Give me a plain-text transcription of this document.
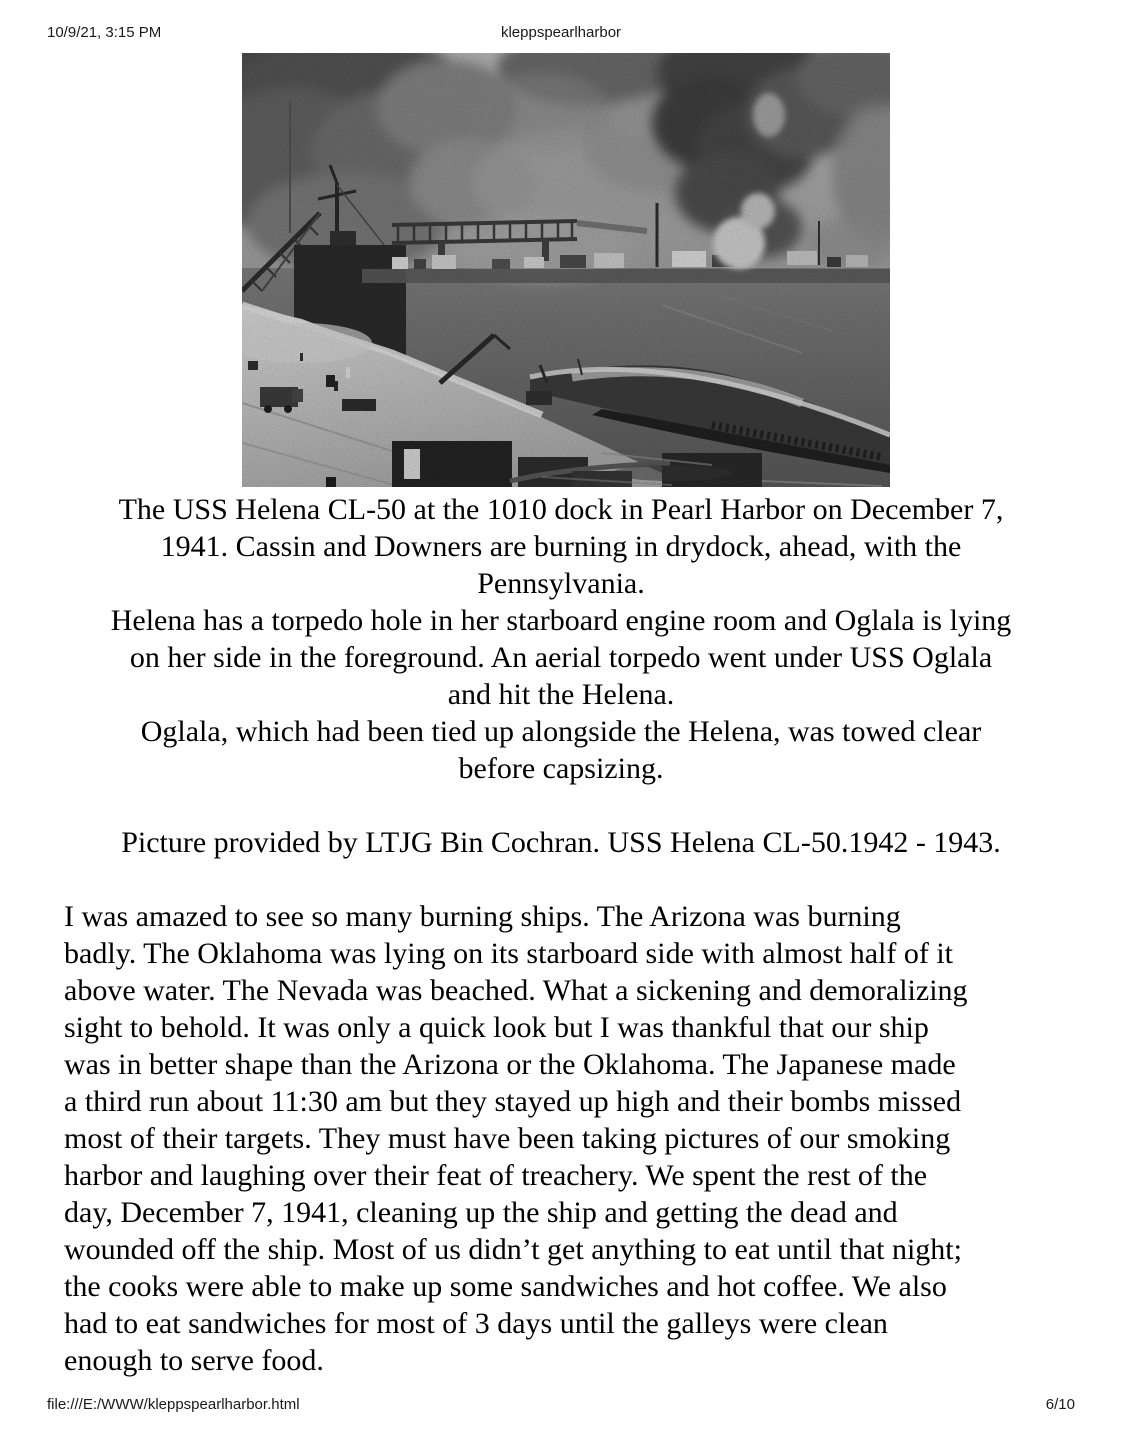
10/9/21, 3:15 PM	kleppspearlharbor
The USS Helena CL-50 at the 1010 dock in Pearl Harbor on December 7,
1941. Cassin and Downers are burning in drydock, ahead, with the
Pennsylvania.
Helena has a torpedo hole in her starboard engine room and Oglala is lying
on her side in the foreground. An aerial torpedo went under USS Oglala
and hit the Helena.
Oglala, which had been tied up alongside the Helena, was towed clear
before capsizing.
Picture provided by LTJG Bin Cochran. USS Helena CL-50.1942 - 1943.
I was amazed to see so many burning ships. The Arizona was burning
badly. The Oklahoma was lying on its starboard side with almost half of it
above water. The Nevada was beached. What a sickening and demoralizing
sight to behold. It was only a quick look but I was thankful that our ship
was in better shape than the Arizona or the Oklahoma. The Japanese made
a third run about 11:30 am but they stayed up high and their bombs missed
most of their targets. They must have been taking pictures of our smoking
harbor and laughing over their feat of treachery. We spent the rest of the
day, December 7, 1941, cleaning up the ship and getting the dead and
wounded off the ship. Most of us didn’t get anything to eat until that night;
the cooks were able to make up some sandwiches and hot coffee. We also
had to eat sandwiches for most of 3 days until the galleys were clean
enough to serve food.
file:///E:/WWW/kleppspearlharbor.html	6/10
